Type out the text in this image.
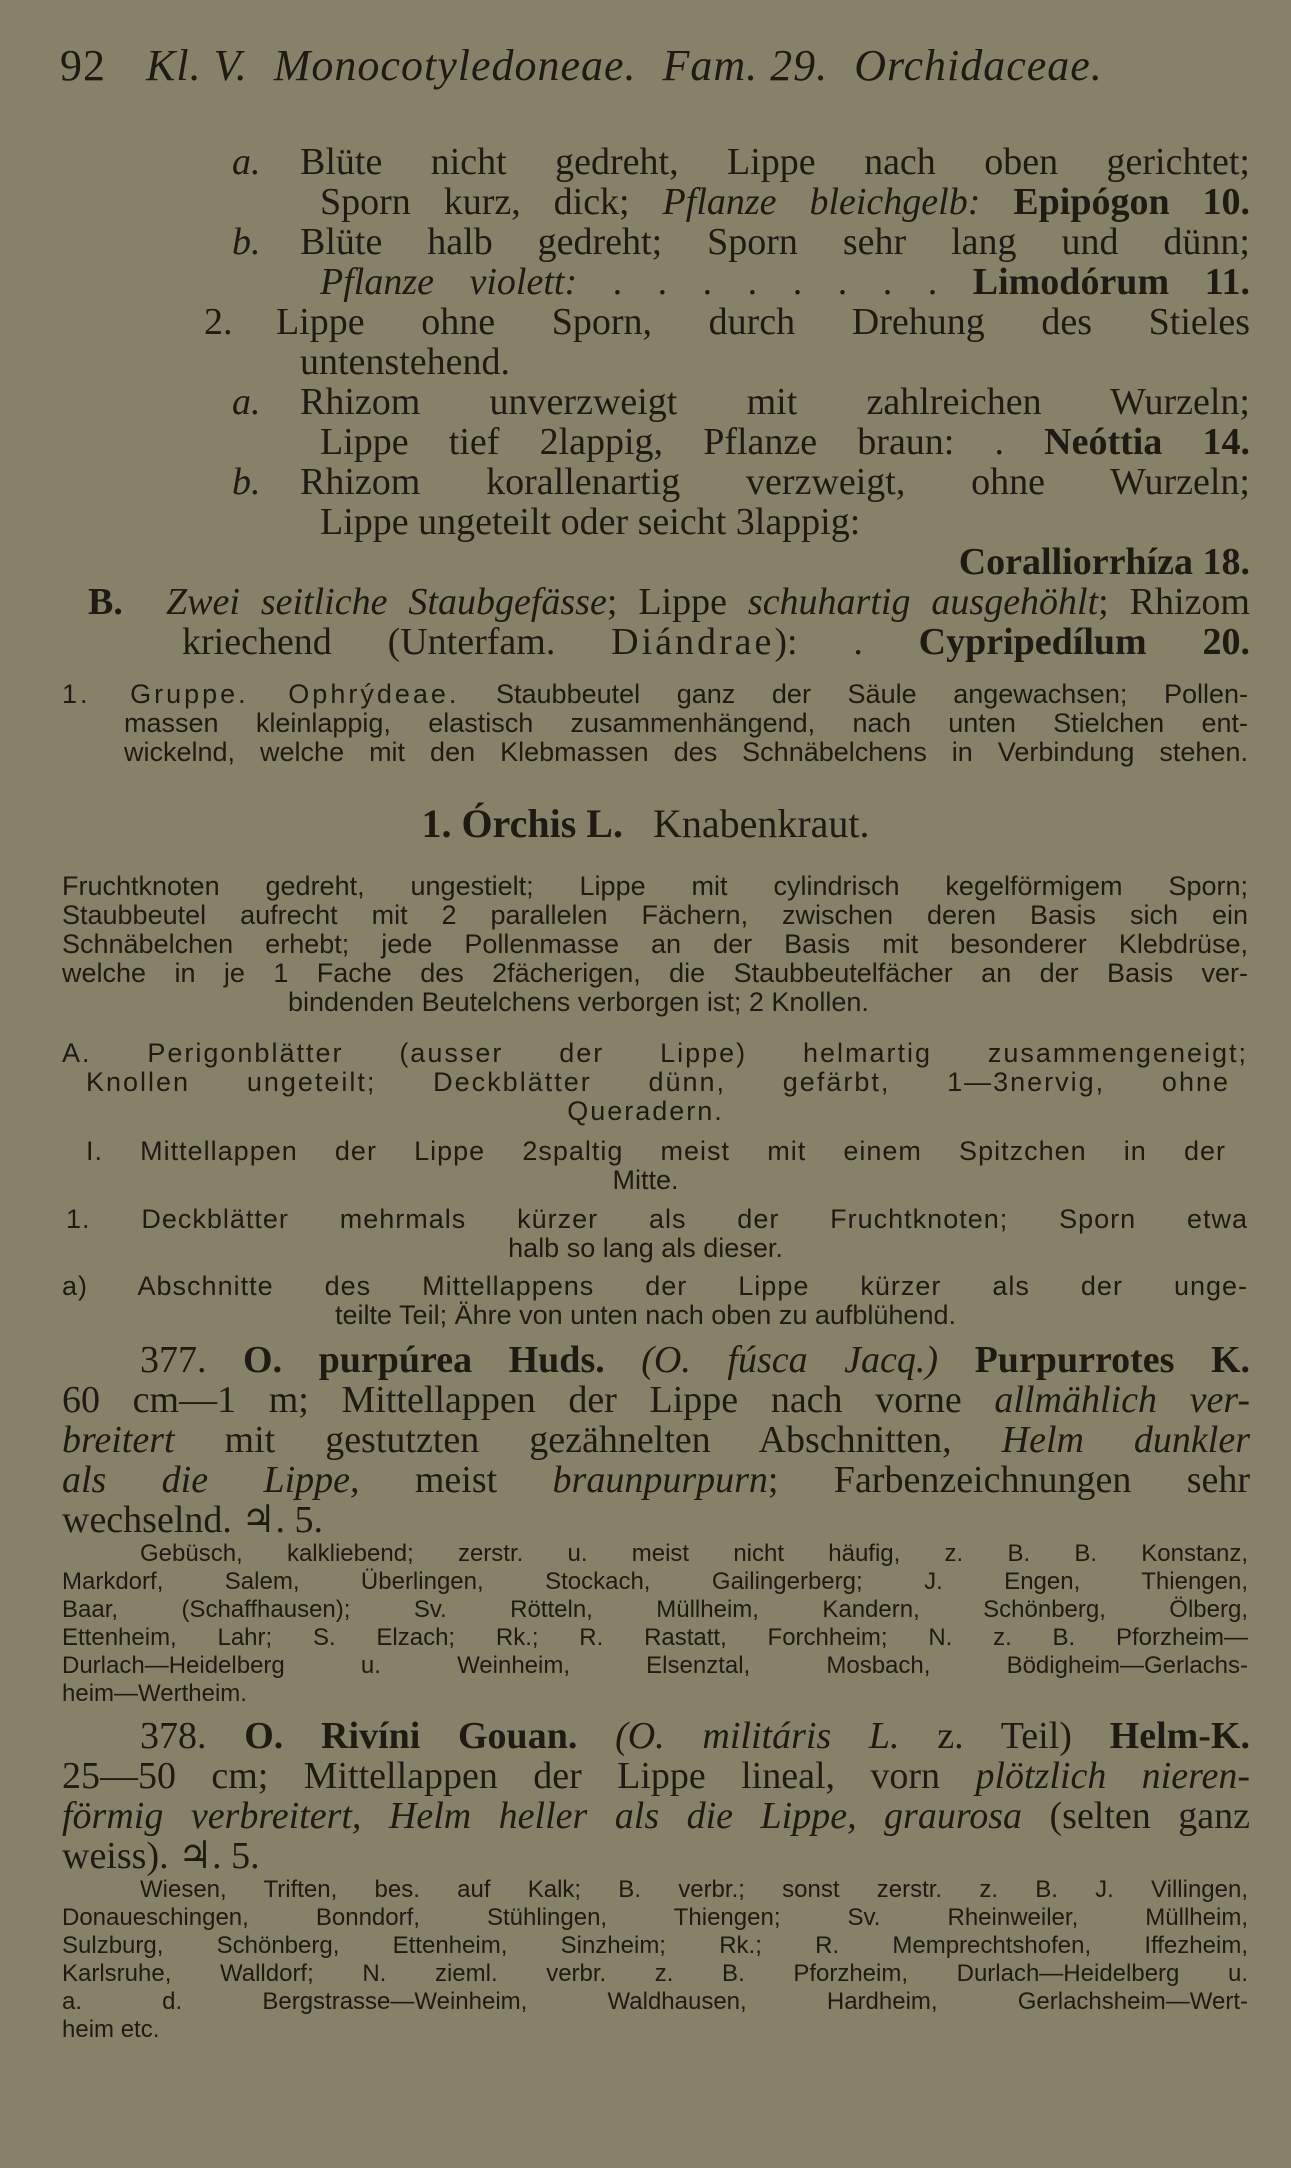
92 Kl. V. Monocotyledoneae. Fam. 29. Orchidaceae.
a. Blüte nicht gedreht, Lippe nach oben gerichtet;
Sporn kurz, dick; Pflanze bleichgelb: Epipógon 10.
b. Blüte halb gedreht; Sporn sehr lang und dünn;
Pflanze violett: . . . . . . . . Limodórum 11.
2. Lippe ohne Sporn, durch Drehung des Stieles
untenstehend.
a. Rhizom unverzweigt mit zahlreichen Wurzeln;
Lippe tief 2lappig, Pflanze braun: . Neóttia 14.
b. Rhizom korallenartig verzweigt, ohne Wurzeln;
Lippe ungeteilt oder seicht 3lappig:
Coralliorrhíza 18.
B. Zwei seitliche Staubgefässe; Lippe schuhartig ausgehöhlt; Rhizom
kriechend (Unterfam. Diándrae): . Cypripedílum 20.
1. Gruppe. Ophrýdeae. Staubbeutel ganz der Säule angewachsen; Pollen-
massen kleinlappig, elastisch zusammenhängend, nach unten Stielchen ent-
wickelnd, welche mit den Klebmassen des Schnäbelchens in Verbindung stehen.
1. Órchis L. Knabenkraut.
Fruchtknoten gedreht, ungestielt; Lippe mit cylindrisch kegelförmigem Sporn;
Staubbeutel aufrecht mit 2 parallelen Fächern, zwischen deren Basis sich ein
Schnäbelchen erhebt; jede Pollenmasse an der Basis mit besonderer Klebdrüse,
welche in je 1 Fache des 2fächerigen, die Staubbeutelfächer an der Basis ver-
bindenden Beutelchens verborgen ist; 2 Knollen.
A. Perigonblätter (ausser der Lippe) helmartig zusammengeneigt;
Knollen ungeteilt; Deckblätter dünn, gefärbt, 1—3nervig, ohne
Queradern.
I. Mittellappen der Lippe 2spaltig meist mit einem Spitzchen in der
Mitte.
1. Deckblätter mehrmals kürzer als der Fruchtknoten; Sporn etwa
halb so lang als dieser.
a) Abschnitte des Mittellappens der Lippe kürzer als der unge-
teilte Teil; Ähre von unten nach oben zu aufblühend.
377. O. purpúrea Huds. (O. fúsca Jacq.) Purpurrotes K.
60 cm—1 m; Mittellappen der Lippe nach vorne allmählich ver-
breitert mit gestutzten gezähnelten Abschnitten, Helm dunkler
als die Lippe, meist braunpurpurn; Farbenzeichnungen sehr
wechselnd. ♃. 5.
Gebüsch, kalkliebend; zerstr. u. meist nicht häufig, z. B. B. Konstanz,
Markdorf, Salem, Überlingen, Stockach, Gailingerberg; J. Engen, Thiengen,
Baar, (Schaffhausen); Sv. Rötteln, Müllheim, Kandern, Schönberg, Ölberg,
Ettenheim, Lahr; S. Elzach; Rk.; R. Rastatt, Forchheim; N. z. B. Pforzheim—
Durlach—Heidelberg u. Weinheim, Elsenztal, Mosbach, Bödigheim—Gerlachs-
heim—Wertheim.
378. O. Rivíni Gouan. (O. militáris L. z. Teil) Helm-K.
25—50 cm; Mittellappen der Lippe lineal, vorn plötzlich nieren-
förmig verbreitert, Helm heller als die Lippe, graurosa (selten ganz
weiss). ♃. 5.
Wiesen, Triften, bes. auf Kalk; B. verbr.; sonst zerstr. z. B. J. Villingen,
Donaueschingen, Bonndorf, Stühlingen, Thiengen; Sv. Rheinweiler, Müllheim,
Sulzburg, Schönberg, Ettenheim, Sinzheim; Rk.; R. Memprechtshofen, Iffezheim,
Karlsruhe, Walldorf; N. zieml. verbr. z. B. Pforzheim, Durlach—Heidelberg u.
a. d. Bergstrasse—Weinheim, Waldhausen, Hardheim, Gerlachsheim—Wert-
heim etc.
